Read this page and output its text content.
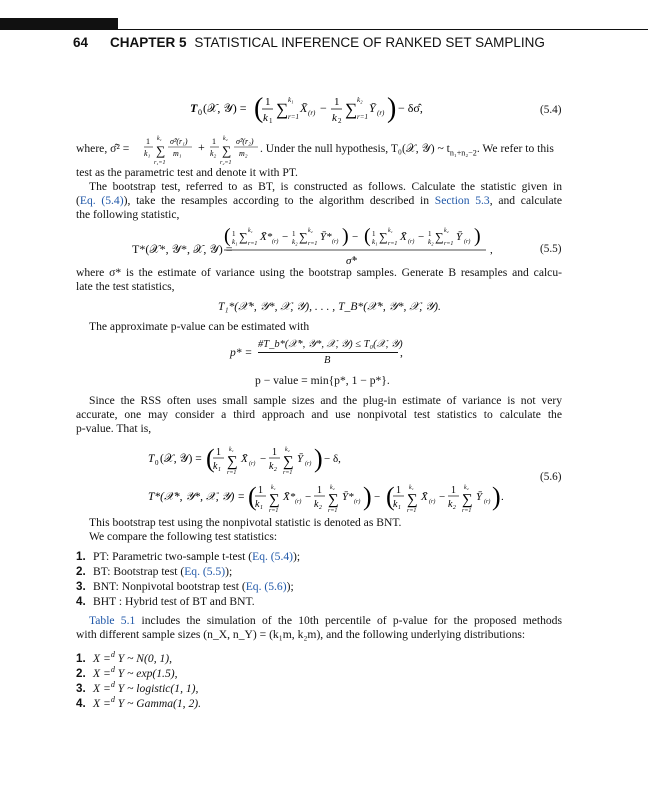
64 CHAPTER 5 STATISTICAL INFERENCE OF RANKED SET SAMPLING
T 0 (𝒳, 𝒴) = ( 1
k 1
∑ k₁
r=1
X̄ (r) − 1
k 2
∑ k₂
r=1
Ȳ (r) ) − δσ̂,	(5.4)
where, σ̂² =
1
k₁ ∑
k₁
r₁=1
σ̂²(r₁)
m₁ + 1
k₂ ∑
k₂
r₂=1
σ̂²(r₂)
m₂ . Under the null hypothesis, T₀(𝒳, 𝒴) ~ $t_{n_1+n_2-2}$. We refer to this
test as the parametric test and denote it with PT.
The bootstrap test, referred to as BT, is constructed as follows. Calculate the statistic given in
(Eq. (5.4)), take the resamples according to the algorithm described in Section 5.3, and calculate
the following statistic,
T*(𝒳*, 𝒴*, 𝒳, 𝒴) =
( 1
k₁ ∑ k₁
r=1
X̄* (r) − 1
k₂ ∑ k₂
r=1
Ȳ* (r) ) − ( 1
k₁ ∑ k₁
r=1
X̄ (r) − 1
k₂ ∑ k₂
r=1
Ȳ (r) )
σ̂*
,	(5.5)
where σ* is the estimate of variance using the bootstrap samples. Generate B resamples and calcu-
late the test statistics,
T₁*(𝒳*, 𝒴*, 𝒳, 𝒴), . . . , T_B*(𝒳*, 𝒴*, 𝒳, 𝒴).
The approximate p-value can be estimated with
p* =
#T_b*(𝒳*, 𝒴*, 𝒳, 𝒴) ≤ T₀(𝒳, 𝒴)
B
,
p − value = min{p*, 1 − p*}.
Since the RSS often uses small sample sizes and the plug-in estimate of variance is not very
accurate, one may consider a third approach and use nonpivotal test statistics to calculate the
p-value. That is,
T 0 (𝒳, 𝒴) = ( 1
k₁ ∑
k₁
r=1
X̄ (r) −
1
k₂ ∑
k₂
r=1
Ȳ (r) ) − δ,
T*(𝒳*, 𝒴*, 𝒳, 𝒴) = ( 1
k₁ ∑
k₁
r=1
X̄* (r) −
1
k₂ ∑
k₂
r=1
Ȳ* (r) ) − ( 1
k₁ ∑
k₁
r=1
X̄ (r) −
1
k₂ ∑
k₂
r=1
Ȳ (r) ) .
(5.6)
This bootstrap test using the nonpivotal statistic is denoted as BNT.
We compare the following test statistics:
1. PT: Parametric two-sample t-test (Eq. (5.4));
2. BT: Bootstrap test (Eq. (5.5));
3. BNT: Nonpivotal bootstrap test (Eq. (5.6));
4. BHT : Hybrid test of BT and BNT.
Table 5.1 includes the simulation of the 10th percentile of p-value for the proposed methods
with different sample sizes (n_X, n_Y) = (k₁m, k₂m), and the following underlying distributions:
1. X =$^d$ Y ~ N(0, 1),
2. X =$^d$ Y ~ exp(1.5),
3. X =$^d$ Y ~ logistic(1, 1),
4. X =$^d$ Y ~ Gamma(1, 2).
